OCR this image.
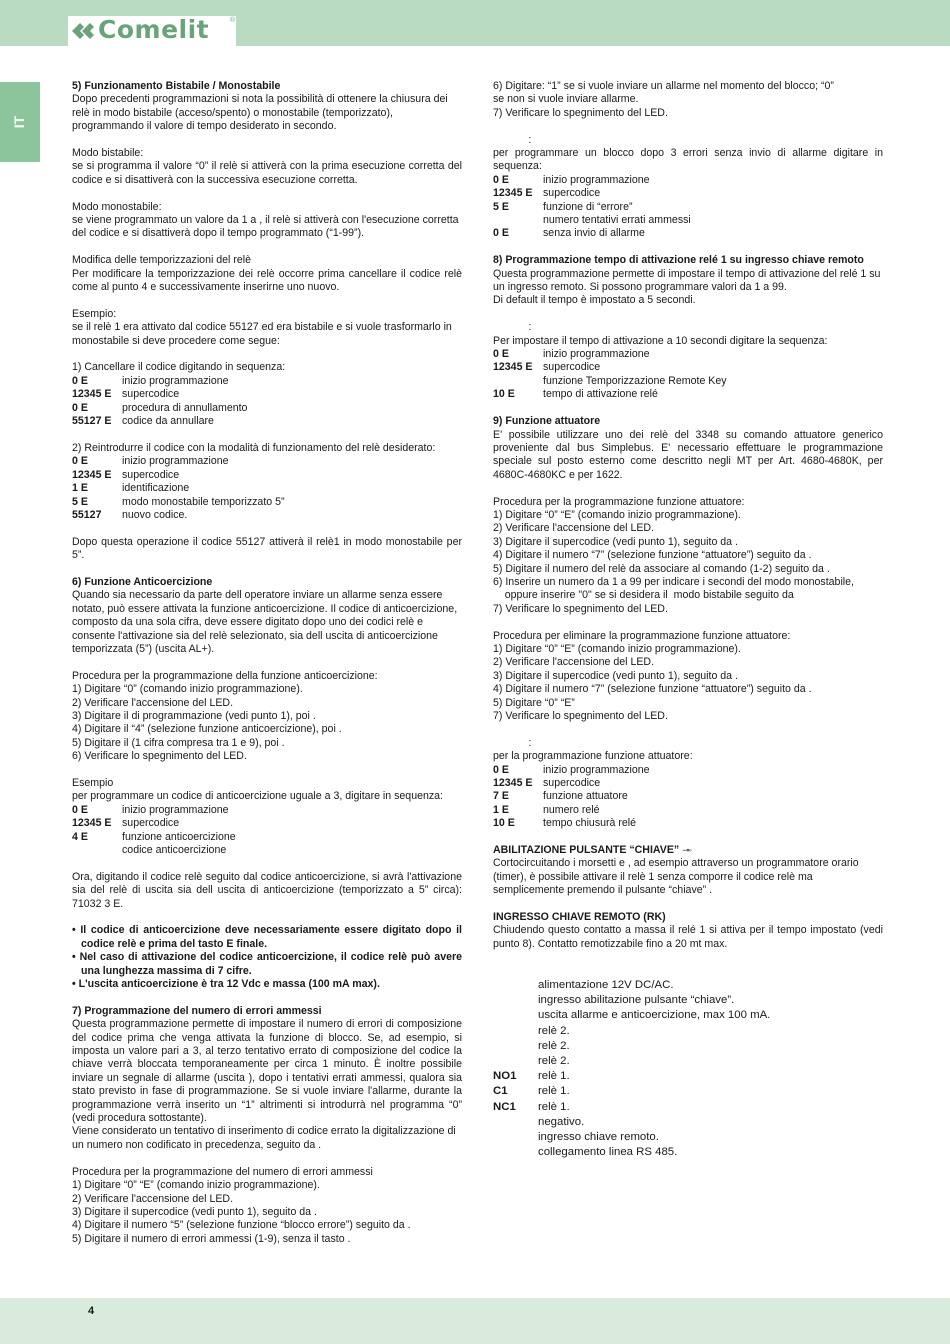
Comelit	®
IT

5) Funzionamento Bistabile / Monostabile

Dopo precedenti programmazioni si nota la possibilità di ottenere la chiusura dei relè in modo bistabile (acceso/spento) o monostabile (temporizzato), programmando il valore di tempo desiderato in secondo.

Modo bistabile:

se si programma il valore “0” il relè si attiverà con la prima esecuzione corretta del codice e si disattiverà con la successiva esecuzione corretta.

Modo monostabile:

se viene programmato un valore da 1 a , il relè si attiverà con l'esecuzione corretta del codice e si disattiverà dopo il tempo programmato (“1-99”).

Modifica delle temporizzazioni del relè

Per modificare la temporizzazione dei relè occorre prima cancellare il codice relè come al punto 4 e successivamente inserirne uno nuovo.

Esempio:

se il relè 1 era attivato dal codice 55127 ed era bistabile e si vuole trasformarlo in monostabile si deve procedere come segue:

1) Cancellare il codice digitando in sequenza:

0 E	inizio programmazione
12345 E supercodice
0 E	procedura di annullamento
55127 E codice da annullare

2) Reintrodurre il codice con la modalità di funzionamento del relè desiderato:

0 E	inizio programmazione
12345 E supercodice
1 E	identificazione
5 E	modo monostabile temporizzato 5”
55127	nuovo codice.

Dopo questa operazione il codice 55127 attiverà il relè1 in modo monostabile per 5”.

6) Funzione Anticoercizione

Quando sia necessario da parte dell operatore inviare un allarme senza essere notato, può essere attivata la funzione anticoercizione. Il codice di anticoercizione, composto da una sola cifra, deve essere digitato dopo uno dei codici relè e consente l'attivazione sia del relè selezionato, sia dell uscita di anticoercizione temporizzata (5”) (uscita AL+).

Procedura per la programmazione della funzione anticoercizione:

1) Digitare “0” (comando inizio programmazione).

2) Verificare l'accensione del LED.

3) Digitare il di programmazione (vedi punto 1), poi .

4) Digitare il “4” (selezione funzione anticoercizione), poi .

5) Digitare il (1 cifra compresa tra 1 e 9), poi .

6) Verificare lo spegnimento del LED.

Esempio

per programmare un codice di anticoercizione uguale a 3, digitare in sequenza:

0 E	inizio programmazione
12345 E supercodice
4 E	funzione anticoercizione
codice anticoercizione

Ora, digitando il codice relè seguito dal codice anticoercizione, si avrà l'attivazione sia del relè di uscita sia dell uscita di anticoercizione (temporizzato a 5” circa): 71032 3 E.

• Il codice di anticoercizione deve necessariamente essere digitato dopo il codice relè e prima del tasto E finale.

• Nel caso di attivazione del codice anticoercizione, il codice relè può avere una lunghezza massima di 7 cifre.

• L'uscita anticoercizione è tra 12 Vdc e massa (100 mA max).

7) Programmazione del numero di errori ammessi

Questa programmazione permette di impostare il numero di errori di composizione del codice prima che venga attivata la funzione di blocco. Se, ad esempio, si imposta un valore pari a 3, al terzo tentativo errato di composizione del codice la chiave verrà bloccata temporaneamente per circa 1 minuto. È inoltre possibile inviare un segnale di allarme (uscita ), dopo i tentativi errati ammessi, qualora sia stato previsto in fase di programmazione. Se si vuole inviare l'allarme, durante la programmazione verrà inserito un “1” altrimenti si introdurrà nel programma “0” (vedi procedura sottostante).

Viene considerato un tentativo di inserimento di codice errato la digitalizzazione di un numero non codificato in precedenza, seguito da .

Procedura per la programmazione del numero di errori ammessi

1) Digitare “0” “E” (comando inizio programmazione).

2) Verificare l'accensione del LED.

3) Digitare il supercodice (vedi punto 1), seguito da .

4) Digitare il numero “5” (selezione funzione “blocco errore”) seguito da .

5) Digitare il numero di errori ammessi (1-9), senza il tasto .

6) Digitare: “1” se si vuole inviare un allarme nel momento del blocco; “0”

se non si vuole inviare allarme.

7) Verificare lo spegnimento del LED.

:

per programmare un blocco dopo 3 errori senza invio di allarme digitare in sequenza:

0 E	inizio programmazione
12345 E supercodice
5 E	funzione di “errore”
numero tentativi errati ammessi
0 E	senza invio di allarme

8) Programmazione tempo di attivazione relé 1 su ingresso chiave remoto

Questa programmazione permette di impostare il tempo di attivazione del relé 1 su un ingresso remoto. Si possono programmare valori da 1 a 99.

Di default il tempo è impostato a 5 secondi.

:

Per impostare il tempo di attivazione a 10 secondi digitare la sequenza:

0 E	inizio programmazione
12345 E supercodice
funzione Temporizzazione Remote Key
10 E	tempo di attivazione relé

9) Funzione attuatore

E' possibile utilizzare uno dei relè del 3348 su comando attuatore generico proveniente dal bus Simplebus. E' necessario effettuare le programmazione speciale sul posto esterno come descritto negli MT per Art. 4680-4680K, per 4680C-4680KC e per 1622.

Procedura per la programmazione funzione attuatore:

1) Digitare “0” “E” (comando inizio programmazione).

2) Verificare l'accensione del LED.

3) Digitare il supercodice (vedi punto 1), seguito da .

4) Digitare il numero “7” (selezione funzione “attuatore”) seguito da .

5) Digitare il numero del relè da associare al comando (1-2) seguito da .

6) Inserire un numero da 1 a 99 per indicare i secondi del modo monostabile,

oppure inserire "0" se si desidera il  modo bistabile seguito da

7) Verificare lo spegnimento del LED.

Procedura per eliminare la programmazione funzione attuatore:

1) Digitare “0” “E” (comando inizio programmazione).

2) Verificare l'accensione del LED.

3) Digitare il supercodice (vedi punto 1), seguito da .

4) Digitare il numero “7” (selezione funzione “attuatore”) seguito da .

5) Digitare “0” “E”

7) Verificare lo spegnimento del LED.

:

per la programmazione funzione attuatore:

0 E	inizio programmazione
12345 E supercodice
7 E	funzione attuatore
1 E	numero relé
10 E	tempo chiusurà relé

ABILITAZIONE PULSANTE “CHIAVE” ⊸◦

Cortocircuitando i morsetti e , ad esempio attraverso un programmatore orario (timer), è possibile attivare il relè 1 senza comporre il codice relè ma semplicemente premendo il pulsante “chiave” .

INGRESSO CHIAVE REMOTO (RK)

Chiudendo questo contatto a massa il relé 1 si attiva per il tempo impostato (vedi punto 8). Contatto remotizzabile fino a 20 mt max.

alimentazione 12V DC/AC.
ingresso abilitazione pulsante “chiave”.
uscita allarme e anticoercizione, max 100 mA.
relè 2.
relè 2.
relè 2.
NO1	relè 1.
C1	relè 1.
NC1	relè 1.
negativo.
ingresso chiave remoto.
collegamento linea RS 485.
4
